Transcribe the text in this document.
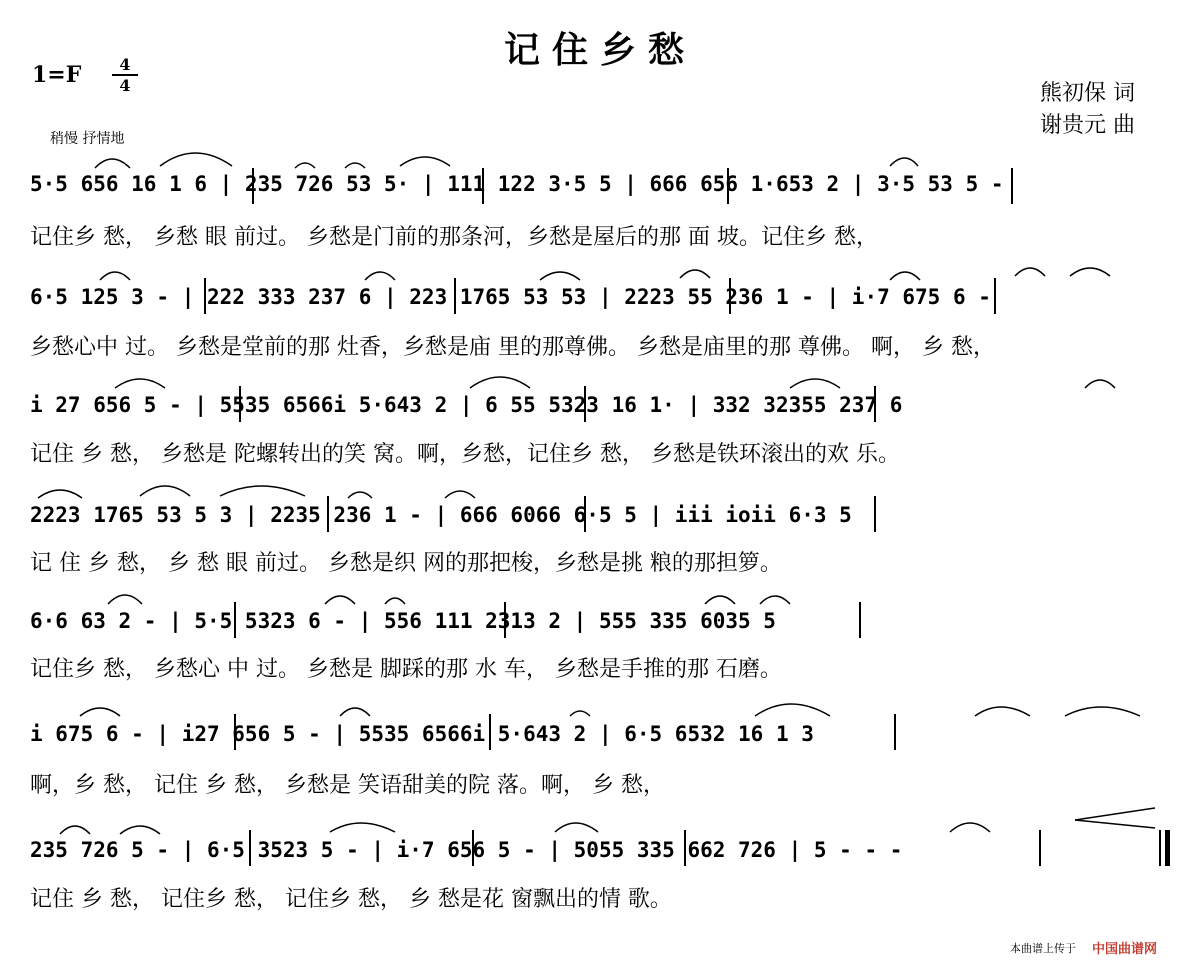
记住乡愁
1=F	4
4
稍慢 抒情地
熊初保 词
谢贵元 曲
5·5 656 16 1 6 | 235 726 53 5· | 111 122 3·5 5 | 666 656 1·653 2 | 3·5 53 5 -
记住乡 愁， 乡愁 眼 前过。 乡愁是门前的那条河，乡愁是屋后的那 面 坡。记住乡 愁，
6·5 125 3 - | 222 333 237 6 | 223 1765 53 53 | 2223 55 236 1 - | i·7 675 6 -
乡愁心中 过。 乡愁是堂前的那 灶香，乡愁是庙 里的那尊佛。 乡愁是庙里的那 尊佛。 啊， 乡 愁，
i 27 656 5 - | 5535 6566i 5·643 2 | 6 55 5323 16 1· | 332 32355 237 6
记住 乡 愁， 乡愁是 陀螺转出的笑 窝。啊，乡愁，记住乡 愁， 乡愁是铁环滚出的欢 乐。
2223 1765 53 5 3 | 2235 236 1 - | 666 6066 6·5 5 | iii ioii 6·3 5
记 住 乡 愁， 乡 愁 眼 前过。 乡愁是织 网的那把梭，乡愁是挑 粮的那担箩。
6·6 63 2 - | 5·5 5323 6 - | 556 111 2313 2 | 555 335 6035 5
记住乡 愁， 乡愁心 中 过。 乡愁是 脚踩的那 水 车， 乡愁是手推的那 石磨。
i 675 6 - | i27 656 5 - | 5535 6566i 5·643 2 | 6·5 6532 16 1 3
啊，乡 愁， 记住 乡 愁， 乡愁是 笑语甜美的院 落。啊， 乡 愁，
235 726 5 - | 6·5 3523 5 - | i·7 656 5 - | 5055 335 662 726 | 5 - - -
记住 乡 愁， 记住乡 愁， 记住乡 愁， 乡 愁是花 窗飘出的情 歌。
本曲谱上传于 中国曲谱网
